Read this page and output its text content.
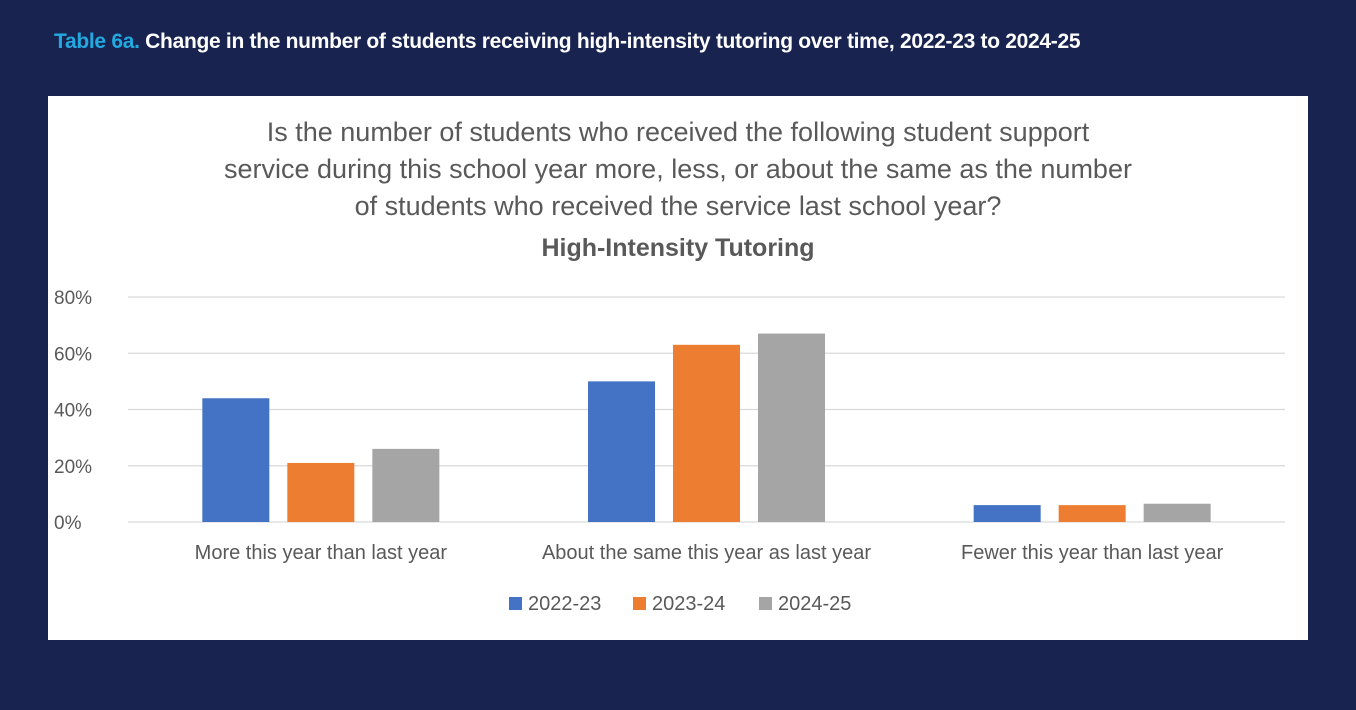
Table 6a. Change in the number of students receiving high-intensity tutoring over time, 2022-23 to 2024-25
Is the number of students who received the following student support
service during this school year more, less, or about the same as the number
of students who received the service last school year?
High-Intensity Tutoring
0%
20%
40%
60%
80%
More this year than last year	About the same this year as last year	Fewer this year than last year
2022-23	2023-24	2024-25
